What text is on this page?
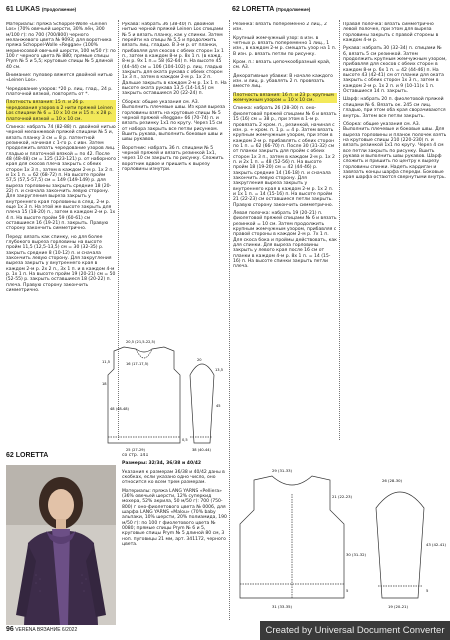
61 LUKAS (Продолжение)	62 LORETTA (Продолжение)

Материалы: пряжа Schoppel-Wolle «Leinen Los» (70% овечьей шерсти, 30% лён, 300 м/100 г): по 700 (700/800) черного меланжевого цвета № 9093; для воротника пряжа Schoppel-Wolle «Reggae» (100% мериносовой овечьей шерсти, 100 м/50 г): по 100 г черного цвета № 880; прямые спицы Prym № 5 и 5,5; круговые спицы № 5 длиной 40 см.

Внимание: пуловер вяжется двойной нитью «Leinen Los».

Чередование узоров: *20 р. лиц. глад., 24 р. платочной вязкой, повторять от *.

Плотность вязания: 15 п. и 26 р. чередования узоров в 2 нити пряжей Leinen Los спицами № 6 = 10 х 10 см и 15 п. х 28 р. платочной вязкой = 10 х 10 см.

Спинка: набрать 74 (82-88) п. двойной нитью черной меланжевой пряжей спицами № 5 и, вязать планку 3 см = 8 р. патентной резинкой, начиная с 1-го р. с ивн. Затем продолжить вязать чередование узоров лиц. гладью и платочной вязкой = по 42. После 48 (48-48) см = 125 (123-121) р. от наборного края для скосов плеча закрыть с обеих сторон 1х 3 п., затем в каждом 2-м р. 1х 2 п. и 1х 1 п. = 62 (68-72) п. На высоте пройм 57,5 (57,5-57,5) см = 149 (149-149) р. для выреза горловины закрыть средние 18 (20-22) п. и сначала закончить левую сторону. Для закругления выреза закрыть у внутреннего края горловины в след. 2-м р. еще 1х 3 п. На этой же высоте закрыть для плеча 15 (18-20) п., затем в каждом 2-м р. 1х 4 п. На высоте пройм 59 (60-61) см оставшиеся 16 (19-21) п. закрыть. Правую сторону закончить симметрично.

Перед: вязать как спинку, но для более глубокого выреза горловины на высоте пройм 11,5 (12,5-13,5) см = 30 (32-35) р. закрыть средние 8 (10-12) п. и сначала закончить левую сторону. Для закругления выреза закрыть у внутреннего края в каждом 2-м р. 2х 2 п., 3х 1 п. и в каждом 4-м р. 1х 1 п. На высоте пройм 19 (20-21) см = 50 (52-55) р. закрыть оставшиеся 18 (20-22) п. плеча. Правую сторону закончить симметрично.

Рукава: набрать 36 (38-40) п. двойной нитью черной пряжей Leinen Los спицами № 5 и вязать планку, как у спинки. Затем перейти на спицы № 5,5 и продолжить вязать лиц. гладью. В 3-м р. от планки, прибавляя для скосов с обеих сторон 1х 1 п., затем в каждом 8-м р. 8х 1 п. (в кажд. 8-м р. 9х 1 п.= 58 (62-64) п. На высоте 45 (44-44) см = 106 (104-102) р. лиц. гладью закрыть для оката рукава с обеих сторон 1х 3 п., затем в каждом 2-м р. 1х 2 п. Дальше закрыть в каждом 2-м р. 1х 1 п. На высоте оката рукава 13,5 (14-14,5) см закрыть оставшиеся 20 (22-24) п.

Сборка: общие указания см. А3. Выполнить плечевые швы. Из края выреза горловины взять на круговые спицы № 5 черной пряжей «Reggae» 66 (70-74) п. и вязать резинку 1х1 по кругу. Через 15 см от набора закрыть все петли рисунком. Вшить рукава, выполнить боковые швы и швы рукавов.

Воротник: набрать 36 п. спицами № 5 черной пряжей и вязать резинкой 1х1, через 10 см закрыть по рисунку. Сложить воротник вдвое и пришить к вырезу горловины изнутри.

Резинка: вязать попеременно 2 лиц., 2 изн.

Крупный жемчужный узор: в изн. в четных р. вязать попеременно 1 лиц., 1 изн., в каждом 2-м р. смещать узор на 1 п. В изн. р. вязать петли по рисунку.

Кром. п.: вязать цепочкообразный край, см. А3.

Декоративные убавки: В начале каждого изн. и лиц. р. убавлять 2 п. провязать вместе лиц.

Плотность вязания: 16 п. и 23 р. крупным жемчужным узором = 10 х 10 см.

Спинка: набрать 26 (28-30) п. оно-фиолетовой пряжей спицами № 6 и вязать 15 (16) см = 38 р., при этом в 1-м р. провязать 2 кром. п., резинкой, начиная с изн. р. + кром. п. 1 р. = 4 р. Затем вязать крупным жемчужным узором, при этом в каждом 2-м р. прибавлять с обеих сторон по 1 п. = 62 (66-70) п. После 30 (31-32) см от планки закрыть для пройм с обеих сторон 1х 3 п., затем в каждом 2-м р. 1х 2 п. и 2х 1 п. = 48 (52-56) п. На высоте пройм 18 (19-20) см = 42 (44-46) р. закрыть средние 14 (16-18) п. и сначала закончить левую сторону. Для закругления выреза закрыть у внутреннего края в каждом 2-м р. 1х 2 п. и 1х 1 п. = 14 (15-16) п. На высоте пройм 21 (22-23) см оставшиеся петли закрыть. Правую сторону закончить симметрично.

Левая полочка: набрать 19 (20-21) п. фиолетовой пряжей спицами № 6 и вязать резинкой = 10 см. Затем продолжить крупным жемчужным узором, прибавляя с правой стороны в каждом 2-м р. 7х 1 п. Для скоса бока и проймы действовать, как для спинки. Для выреза горловины закрыть у левого края после 16 см от планки в каждом 4-м р. 8х 1 п. = 14 (15-16) п. На высоте спинки закрыть петли плеча.

Правая полочка: вязать симметрично левой полочке, при этом для выреза горловины закрыть с правой стороны в каждом 4-м р.

Рукава: набрать 30 (32-34) п. спицами № 6, вязать 5 см резинкой. Затем продолжить крупным жемчужным узором, прибавляя для скосов с обеих сторон в каждом 8-м р. 6х 1 п. = 42 (44-46) п. На высоте 43 (42-41) см от планки для оката закрыть с обеих сторон 1х 3 п., затем в каждом 2-м р. 1х 2 п. и 9 (10-11)х 1 п. Оставшиеся 14 п. закрыть.

Шарф: набрать 20 п. фиолетовой пряжей спицами № 6. Вязать ок. 245 см лиц. гладью, при этом оба края сворачиваются внутрь. Затем все петли закрыть.

Сборка: общие указания см. А3. Выполнить плечевые и боковые швы. Для выреза горловины и планок полочек взять на круговые спицы 210 (220-230) п. и вязать резинкой 1х1 по кругу. Через 4 см все петли закрыть по рисунку. Вшить рукава и выполнить швы рукавов. Шарф сложить и пришить по центру к вырезу горловины спинки. Надеть кардиган и завязать концы шарфа спереди. Боковые края шарфа остаются свернутыми внутрь.

20,5 (21,5-22,5)
16 (17-17,5)
11,5
18
48 (48-48)
25 (27-29)
0,5
20
13,5
45
38 (40-44)
62 LORETTA	со стр. 141

Размеры: 32/34, 36/38 и 40/42

Указания к размерам 36/38 и 40/42 даны в скобках, если указано одно число, оно относится ко всем трем размерам.

Материалы: пряжа LANG YARNS «Pelliera» (36% овечьей шерсти, 12% суперкид мохера, 52% акрила, 50 м/50 г): 700 (750-800) г оно-фиолетового цвета № 0006, для шарфа LANG YARNS «Malou» (70% baby альпаки, 10% шерсти, 20% полиамида, 190 м/50 г): по 100 г фиолетового цвета № 0080; прямые спицы Prym № 6 и 5, круговые спицы Prym № 5 длиной 80 см, 3 ноп. пуговицы 21 мм, арт. 341172, черного цвета.

29 (31-33)
31 (33-35)
21 (22-23)
30 (31-32)
5
26 (28-30)
19 (20-21)
43 (42-41)
5
96 VERENA ВЯЗАНИЕ 6/2022	Created by Universal Document Converter
